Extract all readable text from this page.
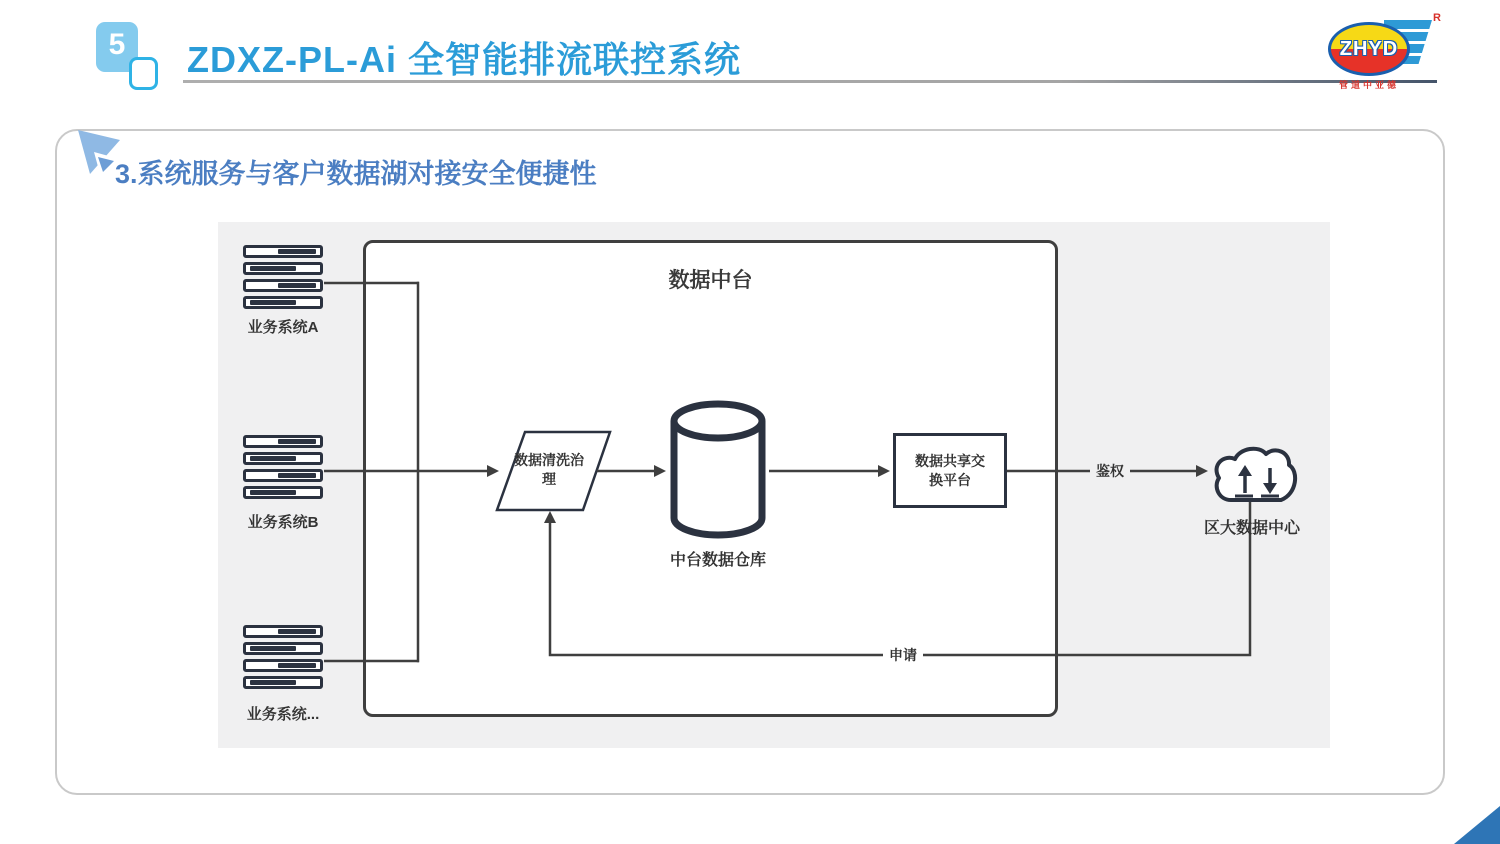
5 ZDXZ-PL-Ai 全智能排流联控系统	ZHYD
R
管道中亚德
3.系统服务与客户数据湖对接安全便捷性
数据中台
业务系统A
业务系统B
业务系统...
数据清洗治
理
中台数据仓库
数据共享交
换平台
鉴权
申请
区大数据中心
